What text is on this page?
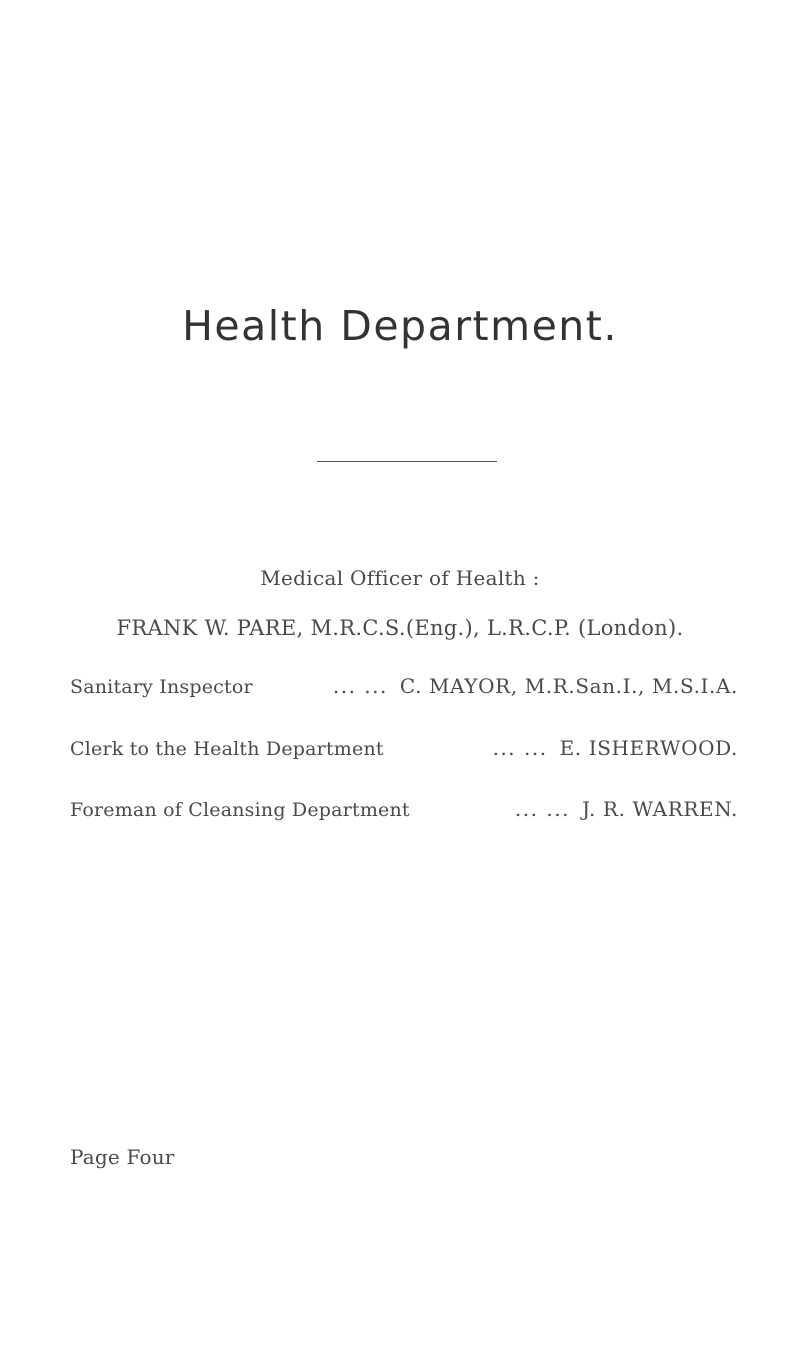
Health Department.
Medical Officer of Health :
FRANK W. PARE, M.R.C.S.(Eng.), L.R.C.P. (London).
Sanitary Inspector	... ... C. MAYOR, M.R.San.I., M.S.I.A.
Clerk to the Health Department	... ... E. ISHERWOOD.
Foreman of Cleansing Department	... ... J. R. WARREN.
Page Four
